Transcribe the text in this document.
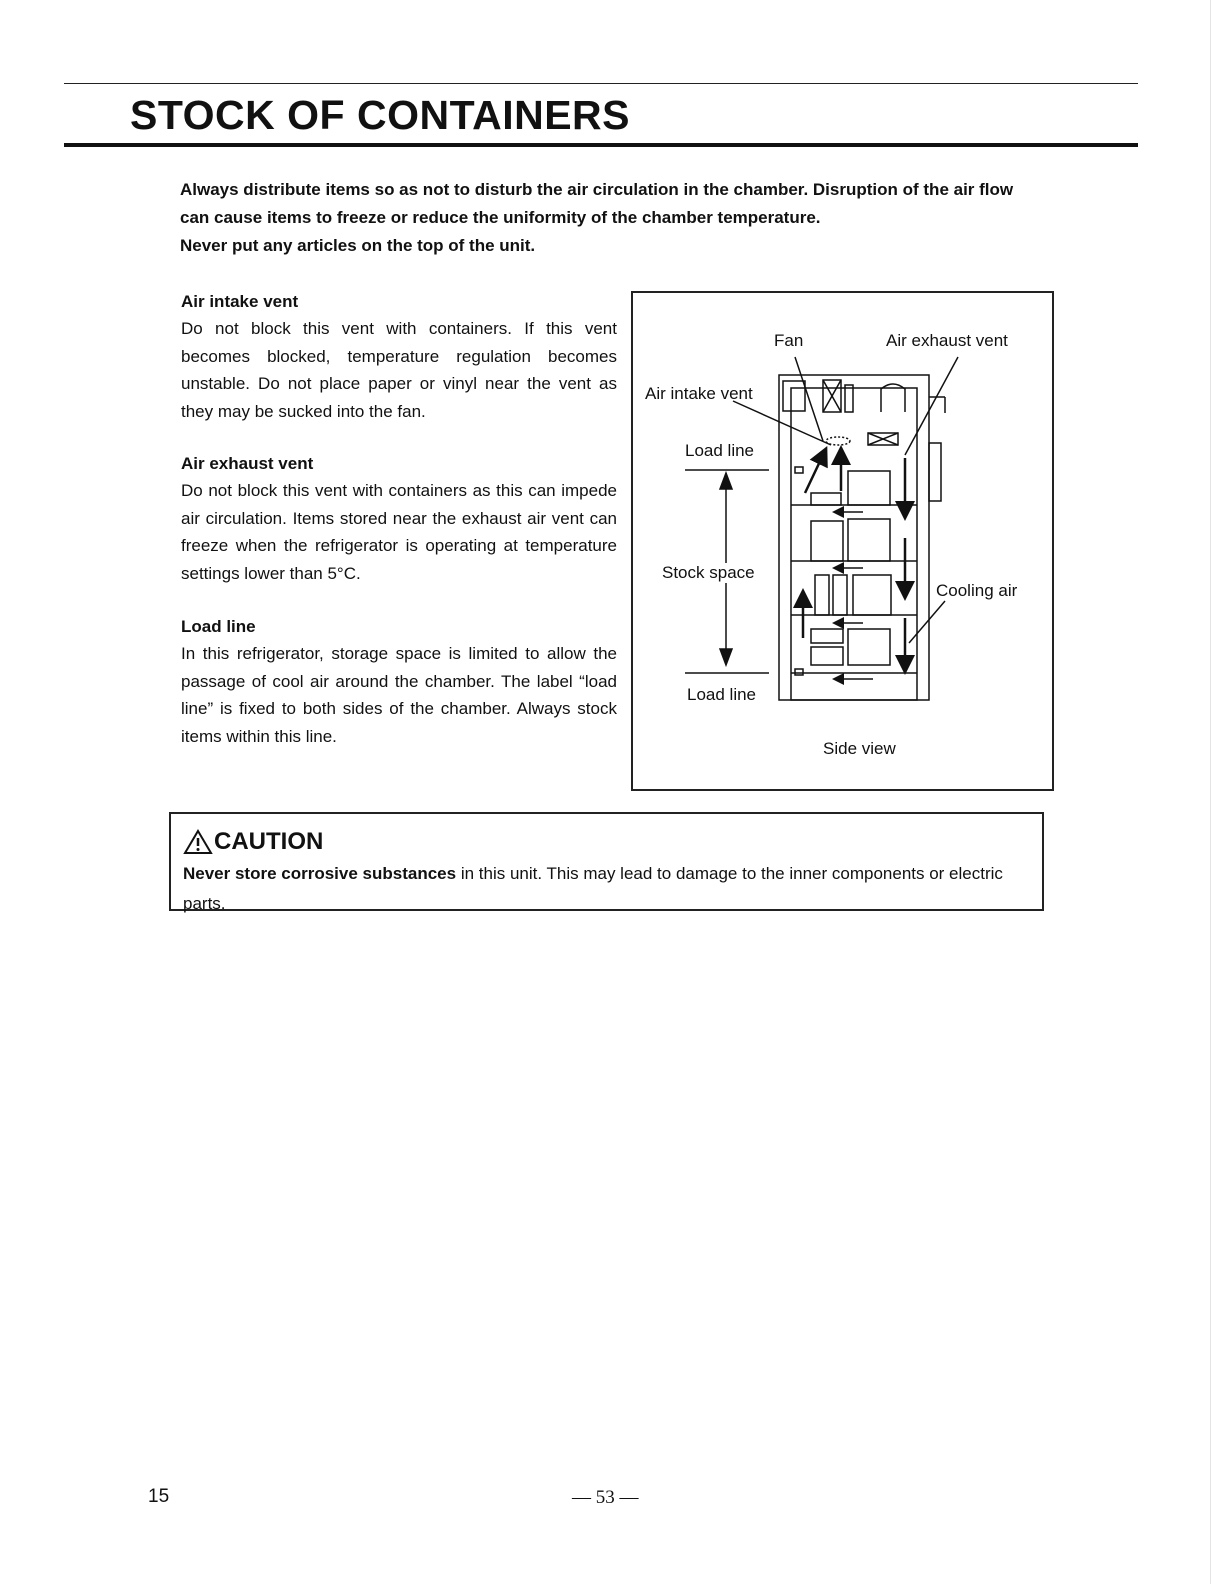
STOCK OF CONTAINERS

Always distribute items so as not to disturb the air circulation in the chamber. Disruption of the air flow can cause items to freeze or reduce the uniformity of the chamber temperature.

Never put any articles on the top of the unit.

Air intake vent

Do not block this vent with containers. If this vent becomes blocked, temperature regulation becomes unstable. Do not place paper or vinyl near the vent as they may be sucked into the fan.

Air exhaust vent

Do not block this vent with containers as this can impede air circulation. Items stored near the exhaust air vent can freeze when the refrigerator is operating at temperature settings lower than 5°C.

Load line

In this refrigerator, storage space is limited to allow the passage of cool air around the chamber. The label “load line” is fixed to both sides of the chamber. Always stock items within this line.

Fan	Air exhaust vent
Air intake vent
Load line
Stock space
Cooling air
Load line
Side view
CAUTION
Never store corrosive substances in this unit. This may lead to damage to the inner components or electric parts.
15	— 53 —
